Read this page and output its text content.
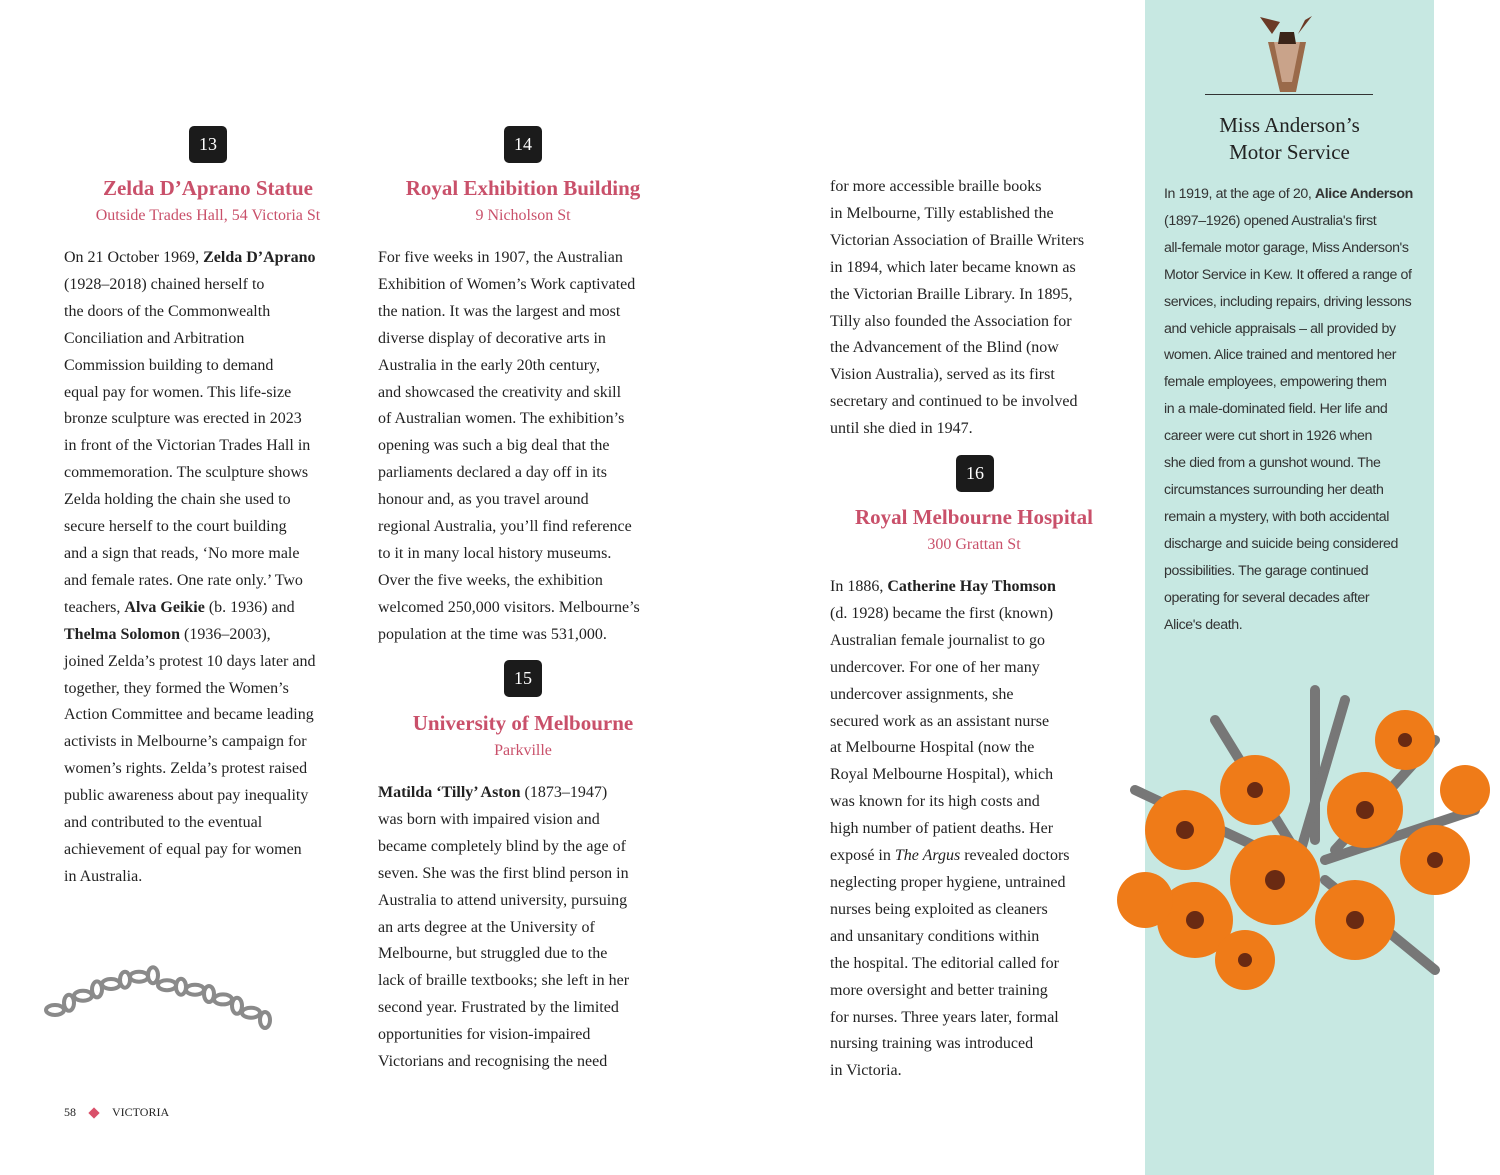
Miss Anderson’s
Motor Service
In 1919, at the age of 20, Alice Anderson
(1897–1926) opened Australia's first
all-female motor garage, Miss Anderson's
Motor Service in Kew. It offered a range of
services, including repairs, driving lessons
and vehicle appraisals – all provided by
women. Alice trained and mentored her
female employees, empowering them
in a male-dominated field. Her life and
career were cut short in 1926 when
she died from a gunshot wound. The
circumstances surrounding her death
remain a mystery, with both accidental
discharge and suicide being considered
possibilities. The garage continued
operating for several decades after
Alice's death.
13
Zelda D’Aprano Statue
Outside Trades Hall, 54 Victoria St
On 21 October 1969, Zelda D’Aprano
(1928–2018) chained herself to
the doors of the Commonwealth
Conciliation and Arbitration
Commission building to demand
equal pay for women. This life-size
bronze sculpture was erected in 2023
in front of the Victorian Trades Hall in
commemoration. The sculpture shows
Zelda holding the chain she used to
secure herself to the court building
and a sign that reads, ‘No more male
and female rates. One rate only.’ Two
teachers, Alva Geikie (b. 1936) and
Thelma Solomon (1936–2003),
joined Zelda’s protest 10 days later and
together, they formed the Women’s
Action Committee and became leading
activists in Melbourne’s campaign for
women’s rights. Zelda’s protest raised
public awareness about pay inequality
and contributed to the eventual
achievement of equal pay for women
in Australia.
14
Royal Exhibition Building
9 Nicholson St
For five weeks in 1907, the Australian
Exhibition of Women’s Work captivated
the nation. It was the largest and most
diverse display of decorative arts in
Australia in the early 20th century,
and showcased the creativity and skill
of Australian women. The exhibition’s
opening was such a big deal that the
parliaments declared a day off in its
honour and, as you travel around
regional Australia, you’ll find reference
to it in many local history museums.
Over the five weeks, the exhibition
welcomed 250,000 visitors. Melbourne’s
population at the time was 531,000.
15
University of Melbourne
Parkville
Matilda ‘Tilly’ Aston (1873–1947)
was born with impaired vision and
became completely blind by the age of
seven. She was the first blind person in
Australia to attend university, pursuing
an arts degree at the University of
Melbourne, but struggled due to the
lack of braille textbooks; she left in her
second year. Frustrated by the limited
opportunities for vision-impaired
Victorians and recognising the need
for more accessible braille books
in Melbourne, Tilly established the
Victorian Association of Braille Writers
in 1894, which later became known as
the Victorian Braille Library. In 1895,
Tilly also founded the Association for
the Advancement of the Blind (now
Vision Australia), served as its first
secretary and continued to be involved
until she died in 1947.
16
Royal Melbourne Hospital
300 Grattan St
In 1886, Catherine Hay Thomson
(d. 1928) became the first (known)
Australian female journalist to go
undercover. For one of her many
undercover assignments, she
secured work as an assistant nurse
at Melbourne Hospital (now the
Royal Melbourne Hospital), which
was known for its high costs and
high number of patient deaths. Her
exposé in The Argus revealed doctors
neglecting proper hygiene, untrained
nurses being exploited as cleaners
and unsanitary conditions within
the hospital. The editorial called for
more oversight and better training
for nurses. Three years later, formal
nursing training was introduced
in Victoria.
58	VICTORIA
